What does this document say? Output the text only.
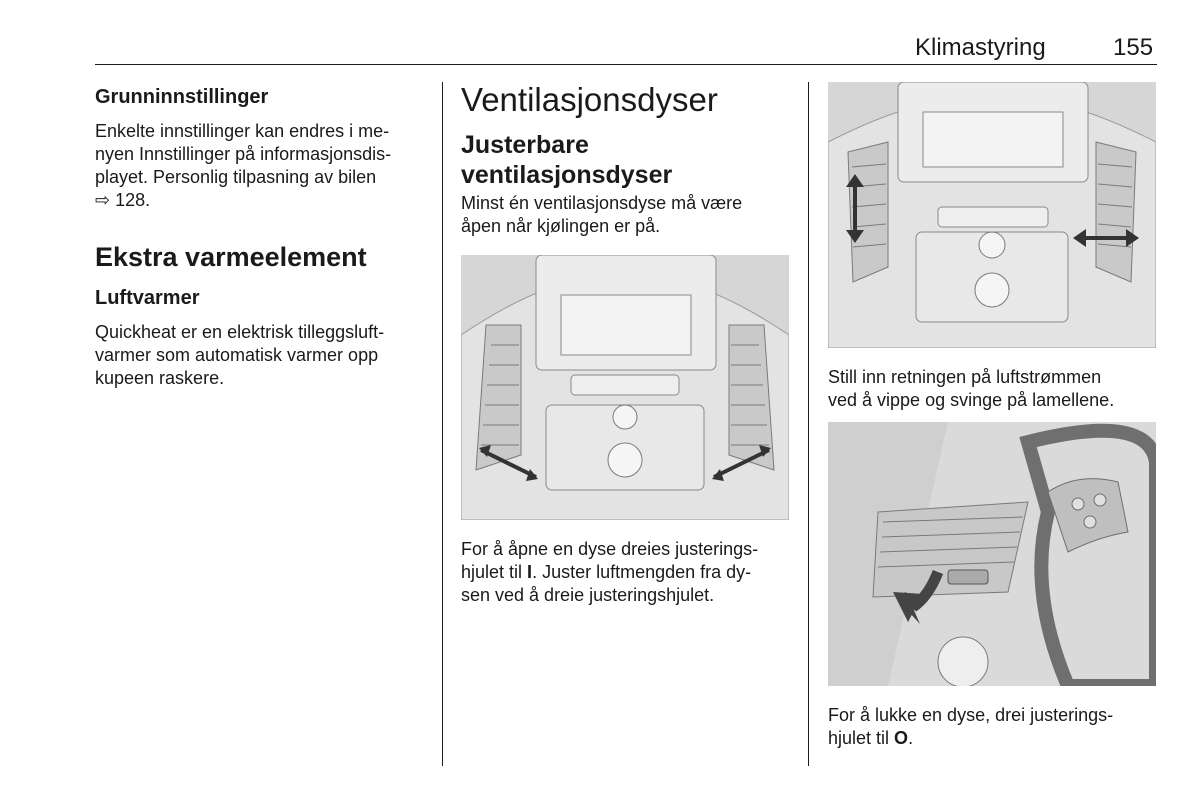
Klimastyring	155
Grunninnstillinger

Enkelte innstillinger kan endres i me-

nyen Innstillinger på informasjonsdis-

playet. Personlig tilpasning av bilen

⇨ 128.

Ekstra varmeelement
Luftvarmer

Quickheat er en elektrisk tilleggsluft-

varmer som automatisk varmer opp

kupeen raskere.

Ventilasjonsdyser
Justerbare
ventilasjonsdyser

Minst én ventilasjonsdyse må være

åpen når kjølingen er på.

For å åpne en dyse dreies justerings-

hjulet til I. Juster luftmengden fra dy-

sen ved å dreie justeringshjulet.

Still inn retningen på luftstrømmen

ved å vippe og svinge på lamellene.

For å lukke en dyse, drei justerings-

hjulet til O.
